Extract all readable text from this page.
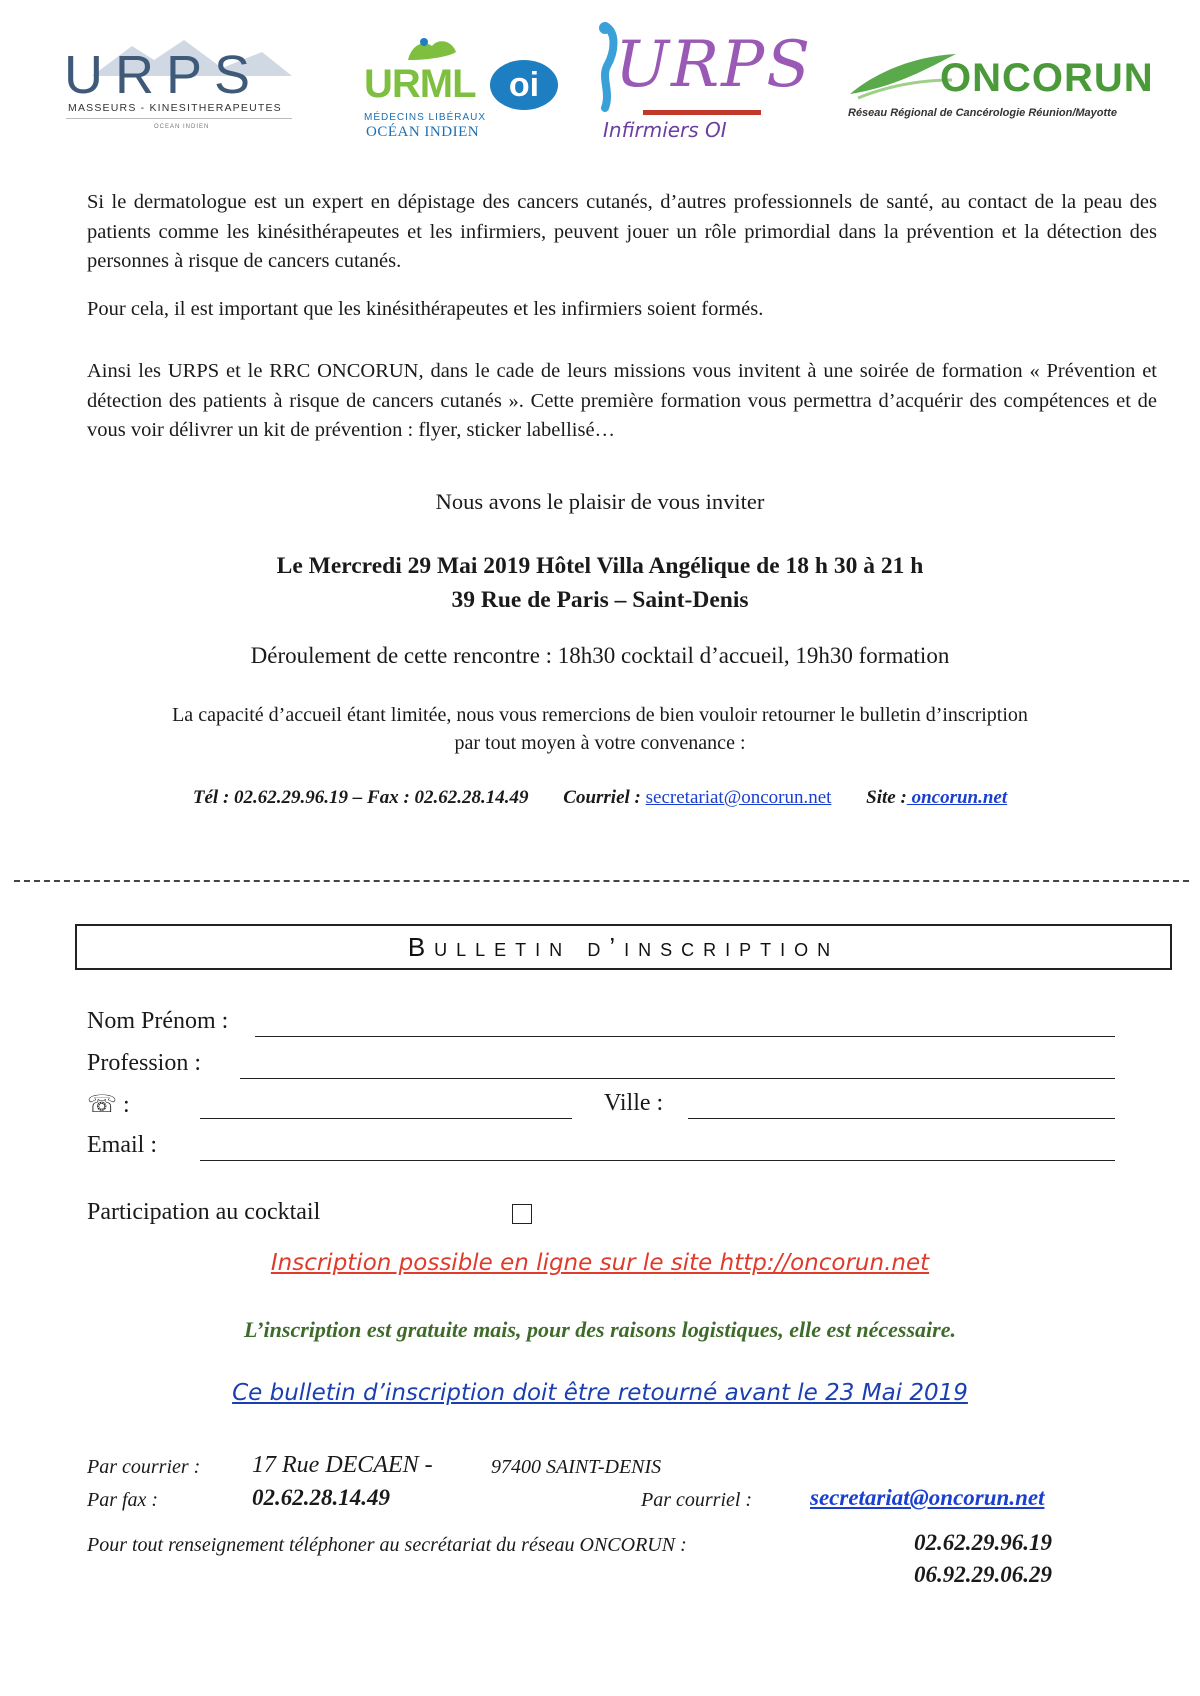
URPS
MASSEURS - KINESITHERAPEUTES
OCEAN INDIEN
URML oi
MÉDECINS LIBÉRAUX
OCÉAN INDIEN
URPS
Infirmiers OI
ONCORUN
Réseau Régional de Cancérologie Réunion/Mayotte

Si le dermatologue est un expert en dépistage des cancers cutanés, d’autres professionnels de santé, au contact de la peau des patients comme les kinésithérapeutes et les infirmiers, peuvent jouer un rôle primordial dans la prévention et la détection des personnes à risque de cancers cutanés.

Pour cela, il est important que les kinésithérapeutes et les infirmiers soient formés.

Ainsi les URPS et le RRC ONCORUN, dans le cade de leurs missions vous invitent à une soirée de formation « Prévention et détection des patients à risque de cancers cutanés ». Cette première formation vous permettra d’acquérir des compétences et de vous voir délivrer un kit de prévention : flyer, sticker labellisé…

Nous avons le plaisir de vous inviter
Le Mercredi 29 Mai 2019 Hôtel Villa Angélique de 18 h 30 à 21 h
39 Rue de Paris – Saint-Denis
Déroulement de cette rencontre : 18h30 cocktail d’accueil, 19h30 formation
La capacité d’accueil étant limitée, nous vous remercions de bien vouloir retourner le bulletin d’inscription
par tout moyen à votre convenance :
Tél : 02.62.29.96.19 – Fax : 02.62.28.14.49 Courriel : secretariat@oncorun.net Site : oncorun.net
Bulletin d’inscription
Nom Prénom :
Profession :
☏ :	Ville :
Email :
Participation au cocktail
Inscription possible en ligne sur le site http://oncorun.net
L’inscription est gratuite mais, pour des raisons logistiques, elle est nécessaire.
Ce bulletin d’inscription doit être retourné avant le 23 Mai 2019
Par courrier : 17 Rue DECAEN -	97400 SAINT-DENIS
Par fax :	02.62.28.14.49	Par courriel :	secretariat@oncorun.net
Pour tout renseignement téléphoner au secrétariat du réseau ONCORUN :	02.62.29.96.19
06.92.29.06.29
